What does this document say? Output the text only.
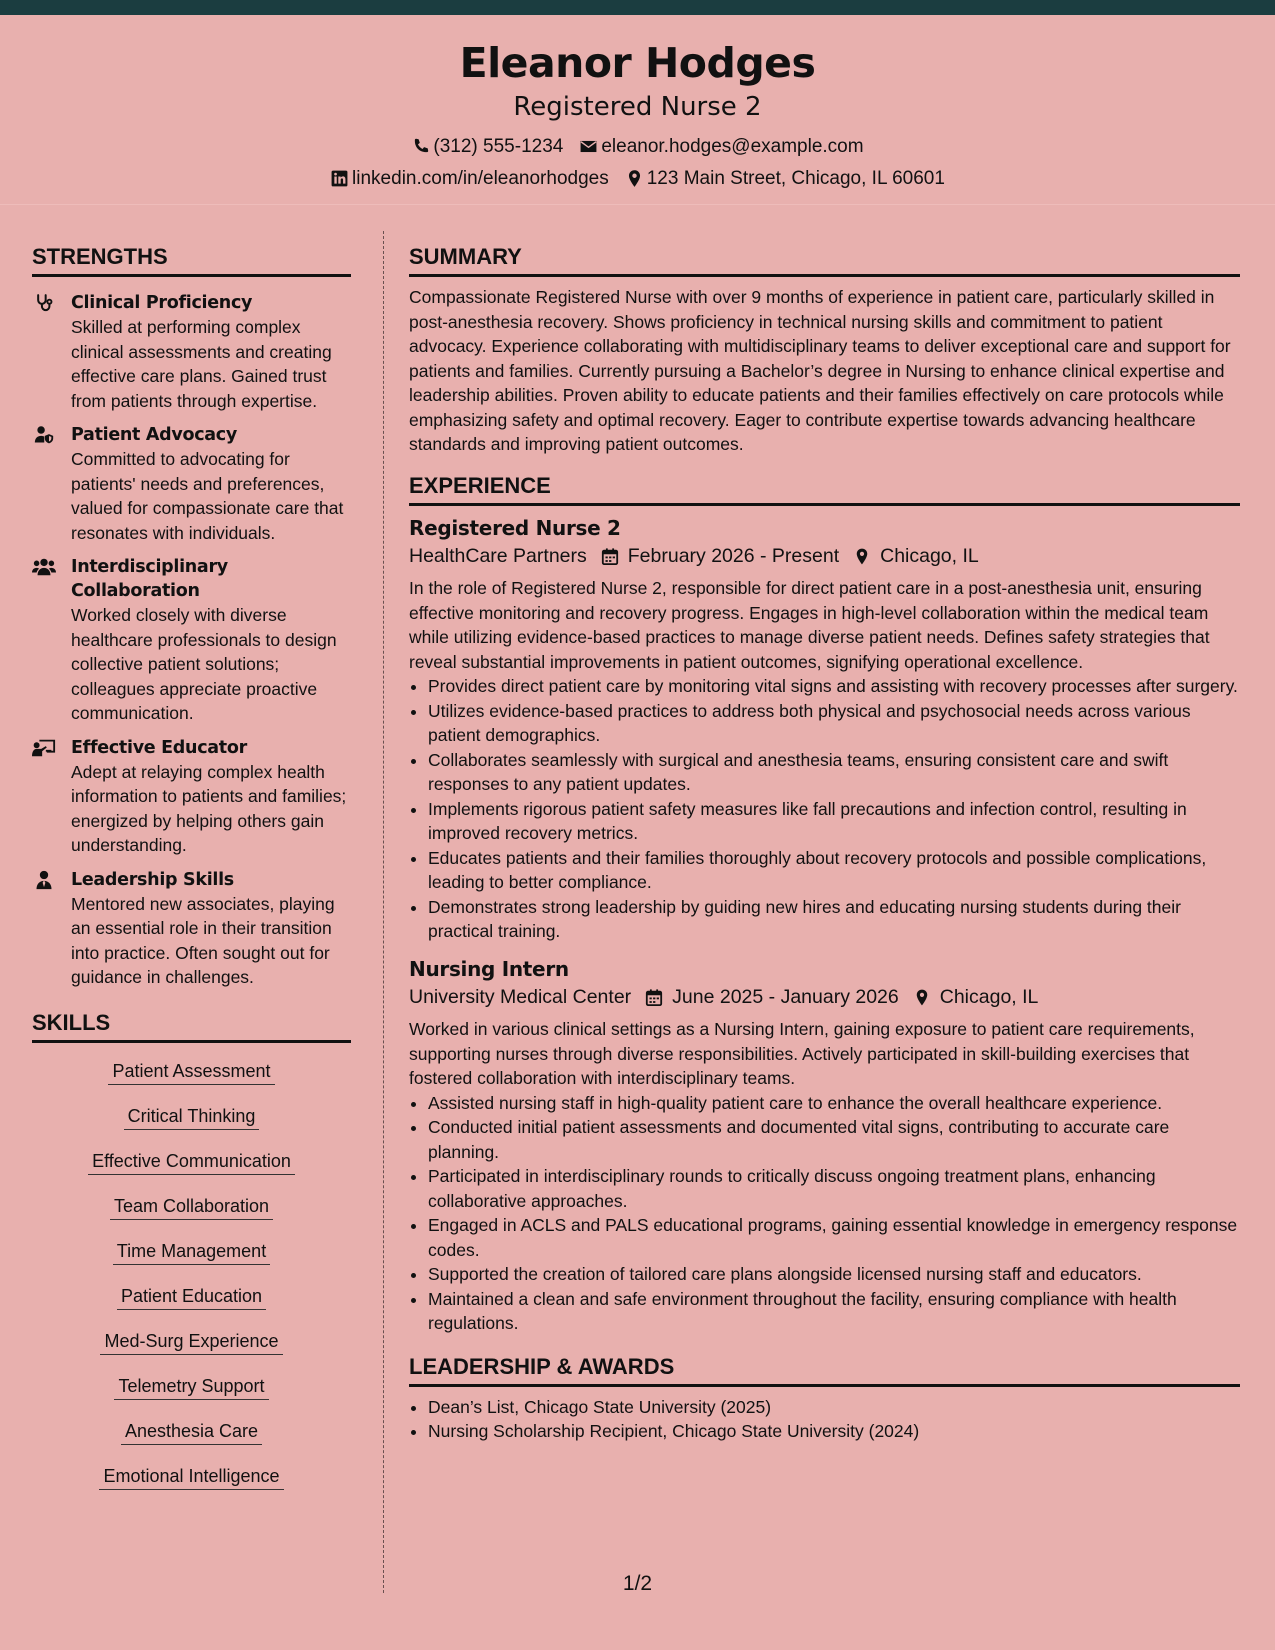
Eleanor Hodges
Registered Nurse 2
(312) 555-1234 eleanor.hodges@example.com
linkedin.com/in/eleanorhodges 123 Main Street, Chicago, IL 60601
STRENGTHS
Clinical Proficiency
Skilled at performing complex clinical assessments and creating effective care plans. Gained trust from patients through expertise.
Patient Advocacy
Committed to advocating for patients' needs and preferences, valued for compassionate care that resonates with individuals.
Interdisciplinary Collaboration
Worked closely with diverse healthcare professionals to design collective patient solutions; colleagues appreciate proactive communication.
Effective Educator
Adept at relaying complex health information to patients and families; energized by helping others gain understanding.
Leadership Skills
Mentored new associates, playing an essential role in their transition into practice. Often sought out for guidance in challenges.
SKILLS
Patient Assessment
Critical Thinking
Effective Communication
Team Collaboration
Time Management
Patient Education
Med-Surg Experience
Telemetry Support
Anesthesia Care
Emotional Intelligence
SUMMARY

Compassionate Registered Nurse with over 9 months of experience in patient care, particularly skilled in post-anesthesia recovery. Shows proficiency in technical nursing skills and commitment to patient advocacy. Experience collaborating with multidisciplinary teams to deliver exceptional care and support for patients and families. Currently pursuing a Bachelor’s degree in Nursing to enhance clinical expertise and leadership abilities. Proven ability to educate patients and their families effectively on care protocols while emphasizing safety and optimal recovery. Eager to contribute expertise towards advancing healthcare standards and improving patient outcomes.

EXPERIENCE
Registered Nurse 2
HealthCare Partners February 2026 - Present Chicago, IL

In the role of Registered Nurse 2, responsible for direct patient care in a post-anesthesia unit, ensuring effective monitoring and recovery progress. Engages in high-level collaboration within the medical team while utilizing evidence-based practices to manage diverse patient needs. Defines safety strategies that reveal substantial improvements in patient outcomes, signifying operational excellence.

• Provides direct patient care by monitoring vital signs and assisting with recovery processes after surgery.
• Utilizes evidence-based practices to address both physical and psychosocial needs across various patient demographics.
• Collaborates seamlessly with surgical and anesthesia teams, ensuring consistent care and swift responses to any patient updates.
• Implements rigorous patient safety measures like fall precautions and infection control, resulting in improved recovery metrics.
• Educates patients and their families thoroughly about recovery protocols and possible complications, leading to better compliance.
• Demonstrates strong leadership by guiding new hires and educating nursing students during their practical training.
Nursing Intern
University Medical Center June 2025 - January 2026 Chicago, IL

Worked in various clinical settings as a Nursing Intern, gaining exposure to patient care requirements, supporting nurses through diverse responsibilities. Actively participated in skill-building exercises that fostered collaboration with interdisciplinary teams.

• Assisted nursing staff in high-quality patient care to enhance the overall healthcare experience.
• Conducted initial patient assessments and documented vital signs, contributing to accurate care planning.
• Participated in interdisciplinary rounds to critically discuss ongoing treatment plans, enhancing collaborative approaches.
• Engaged in ACLS and PALS educational programs, gaining essential knowledge in emergency response codes.
• Supported the creation of tailored care plans alongside licensed nursing staff and educators.
• Maintained a clean and safe environment throughout the facility, ensuring compliance with health regulations.
LEADERSHIP & AWARDS
• Dean’s List, Chicago State University (2025)
• Nursing Scholarship Recipient, Chicago State University (2024)
1/2
